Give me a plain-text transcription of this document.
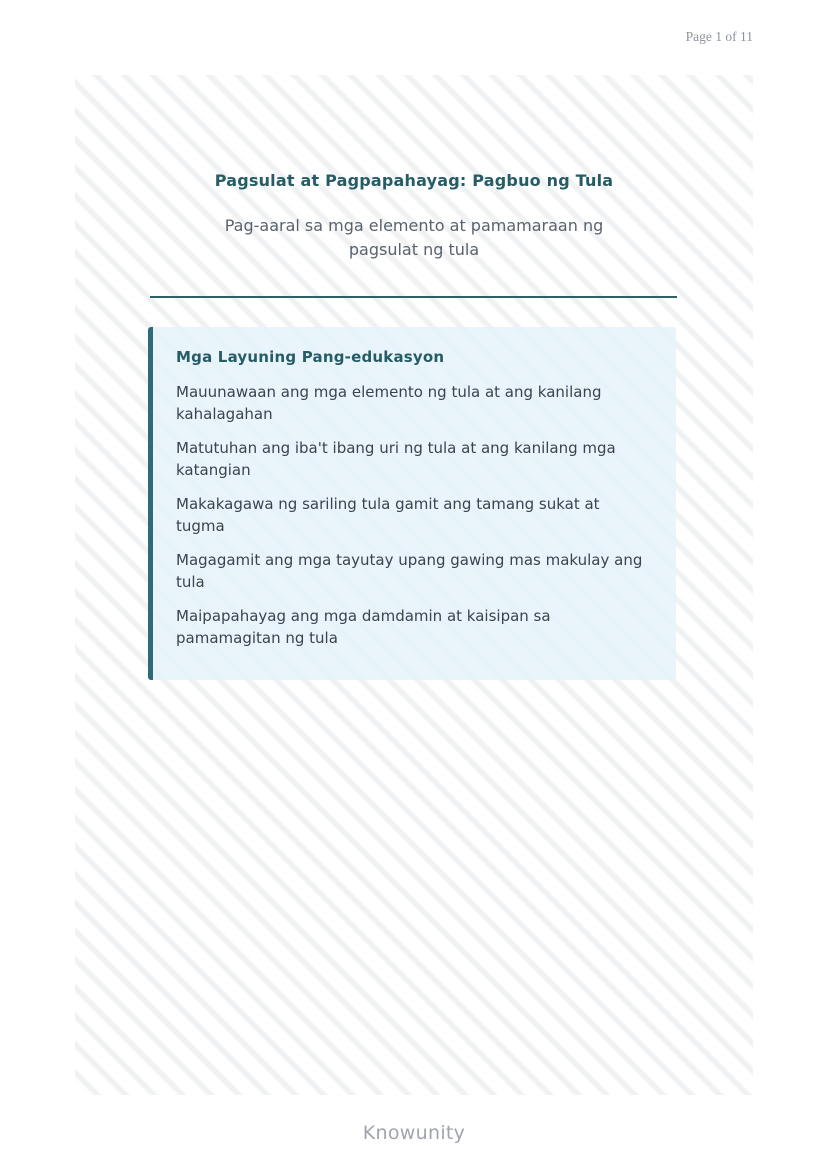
Page 1 of 11
Pagsulat at Pagpapahayag: Pagbuo ng Tula

Pag-aaral sa mga elemento at pamamaraan ng pagsulat ng tula

Mga Layuning Pang-edukasyon

Mauunawaan ang mga elemento ng tula at ang kanilang kahalagahan

Matutuhan ang iba't ibang uri ng tula at ang kanilang mga katangian

Makakagawa ng sariling tula gamit ang tamang sukat at tugma

Magagamit ang mga tayutay upang gawing mas makulay ang tula

Maipapahayag ang mga damdamin at kaisipan sa pamamagitan ng tula

Knowunity
